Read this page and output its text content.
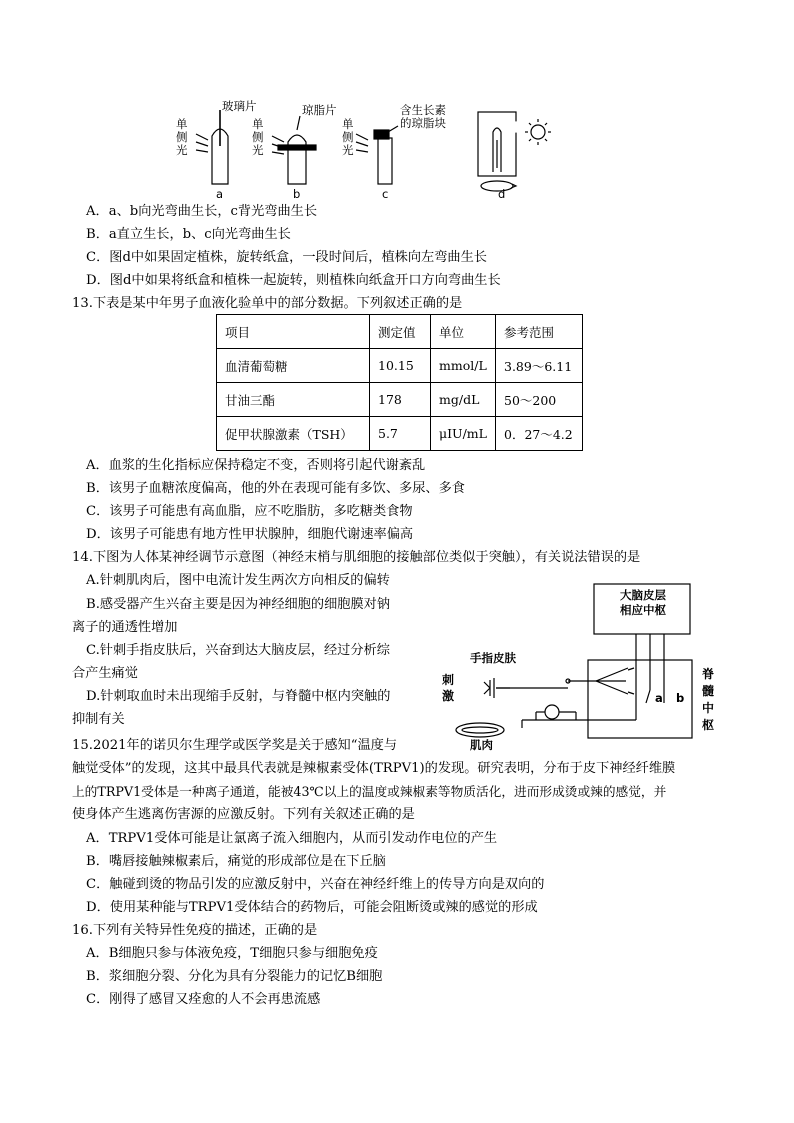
单
侧
光
玻璃片
单
侧
光
琼脂片
单
侧
光
含生长素
的琼脂块
a	b	c	d
A．a、b向光弯曲生长，c背光弯曲生长
B．a直立生长，b、c向光弯曲生长
C．图d中如果固定植株，旋转纸盒，一段时间后，植株向左弯曲生长
D．图d中如果将纸盒和植株一起旋转，则植株向纸盒开口方向弯曲生长
13.下表是某中年男子血液化验单中的部分数据。下列叙述正确的是
项目	测定值	单位	参考范围
血清葡萄糖	10.15	mmol/L	3.89～6.11
甘油三酯	178	mg/dL	50～200
促甲状腺激素（TSH）	5.7	μIU/mL	0．27～4.2
A．血浆的生化指标应保持稳定不变，否则将引起代谢紊乱
B．该男子血糖浓度偏高，他的外在表现可能有多饮、多尿、多食
C．该男子可能患有高血脂，应不吃脂肪，多吃糖类食物
D．该男子可能患有地方性甲状腺肿，细胞代谢速率偏高
14.下图为人体某神经调节示意图（神经末梢与肌细胞的接触部位类似于突触），有关说法错误的是
A.针刺肌肉后，图中电流计发生两次方向相反的偏转
B.感受器产生兴奋主要是因为神经细胞的细胞膜对钠
离子的通透性增加
C.针刺手指皮肤后，兴奋到达大脑皮层，经过分析综
合产生痛觉
D.针刺取血时未出现缩手反射，与脊髓中枢内突触的
抑制有关
大脑皮层
相应中枢
手指皮肤
刺
激
肌肉
脊
髓
中
枢
a b
15.2021年的诺贝尔生理学或医学奖是关于感知“温度与
触觉受体”的发现，这其中最具代表就是辣椒素受体(TRPV1)的发现。研究表明，分布于皮下神经纤维膜
上的TRPV1受体是一种离子通道，能被43℃以上的温度或辣椒素等物质活化，进而形成烫或辣的感觉，并
使身体产生逃离伤害源的应激反射。下列有关叙述正确的是
A．TRPV1受体可能是让氯离子流入细胞内，从而引发动作电位的产生
B．嘴唇接触辣椒素后，痛觉的形成部位是在下丘脑
C．触碰到烫的物品引发的应激反射中，兴奋在神经纤维上的传导方向是双向的
D．使用某种能与TRPV1受体结合的药物后，可能会阻断烫或辣的感觉的形成
16.下列有关特异性免疫的描述，正确的是
A．B细胞只参与体液免疫，T细胞只参与细胞免疫
B．浆细胞分裂、分化为具有分裂能力的记忆B细胞
C．刚得了感冒又痊愈的人不会再患流感
